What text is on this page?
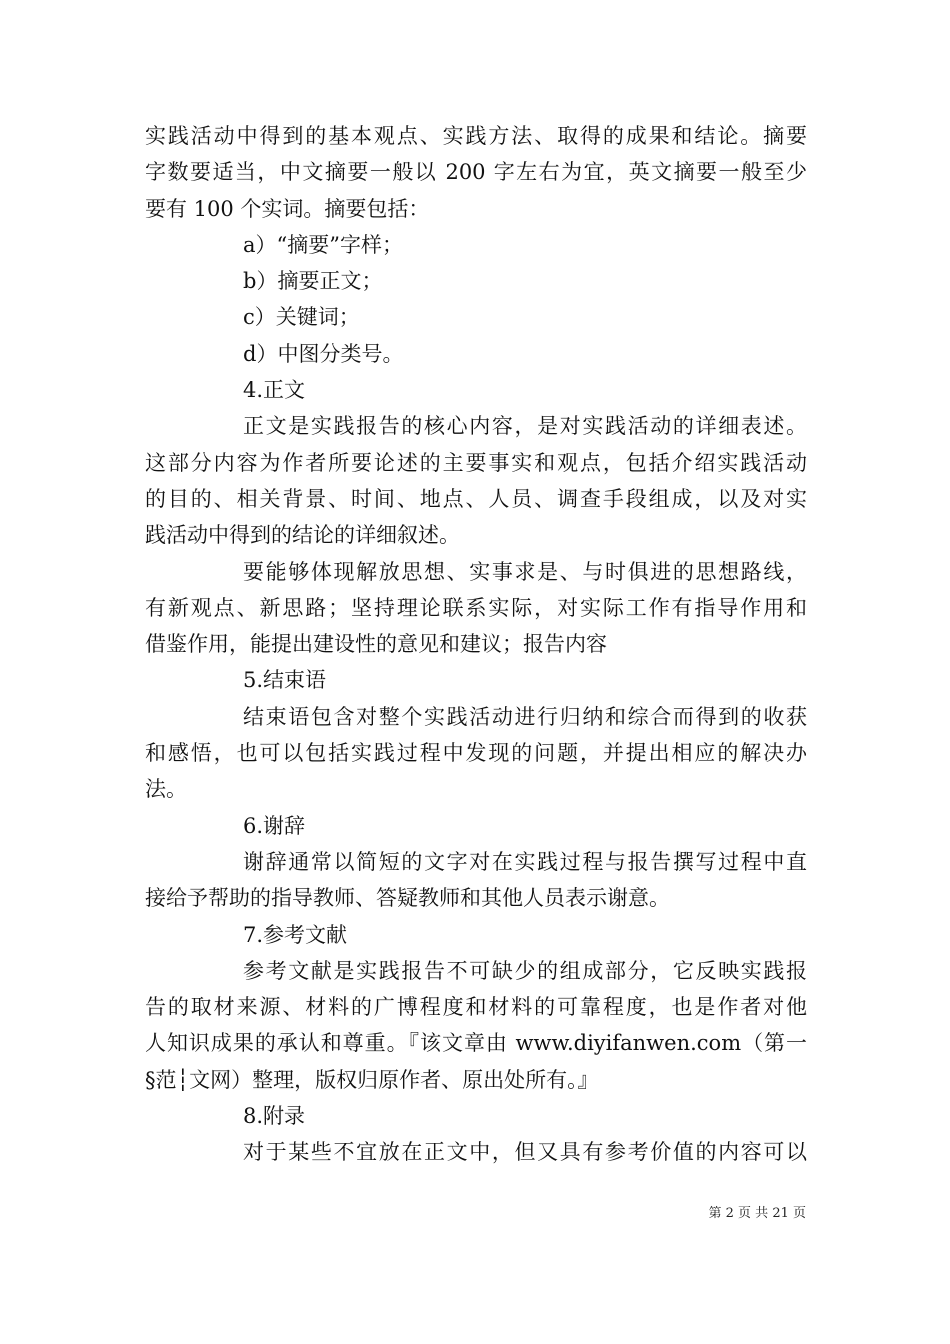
实践活动中得到的基本观点、实践方法、取得的成果和结论。摘要
字数要适当，中文摘要一般以 200 字左右为宜，英文摘要一般至少
要有 100 个实词。摘要包括：
a）“摘要”字样；
b）摘要正文；
c）关键词；
d）中图分类号。
4.正文
正文是实践报告的核心内容，是对实践活动的详细表述。
这部分内容为作者所要论述的主要事实和观点，包括介绍实践活动
的目的、相关背景、时间、地点、人员、调查手段组成，以及对实
践活动中得到的结论的详细叙述。
要能够体现解放思想、实事求是、与时俱进的思想路线，
有新观点、新思路；坚持理论联系实际，对实际工作有指导作用和
借鉴作用，能提出建设性的意见和建议；报告内容
5.结束语
结束语包含对整个实践活动进行归纳和综合而得到的收获
和感悟，也可以包括实践过程中发现的问题，并提出相应的解决办
法。
6.谢辞
谢辞通常以简短的文字对在实践过程与报告撰写过程中直
接给予帮助的指导教师、答疑教师和其他人员表示谢意。
7.参考文献
参考文献是实践报告不可缺少的组成部分，它反映实践报
告的取材来源、材料的广博程度和材料的可靠程度，也是作者对他
人知识成果的承认和尊重。『该文章由 www.diyifanwen.com（第一
§范┆文网）整理，版权归原作者、原出处所有。』
8.附录
对于某些不宜放在正文中，但又具有参考价值的内容可以
第 2 页 共 21 页
